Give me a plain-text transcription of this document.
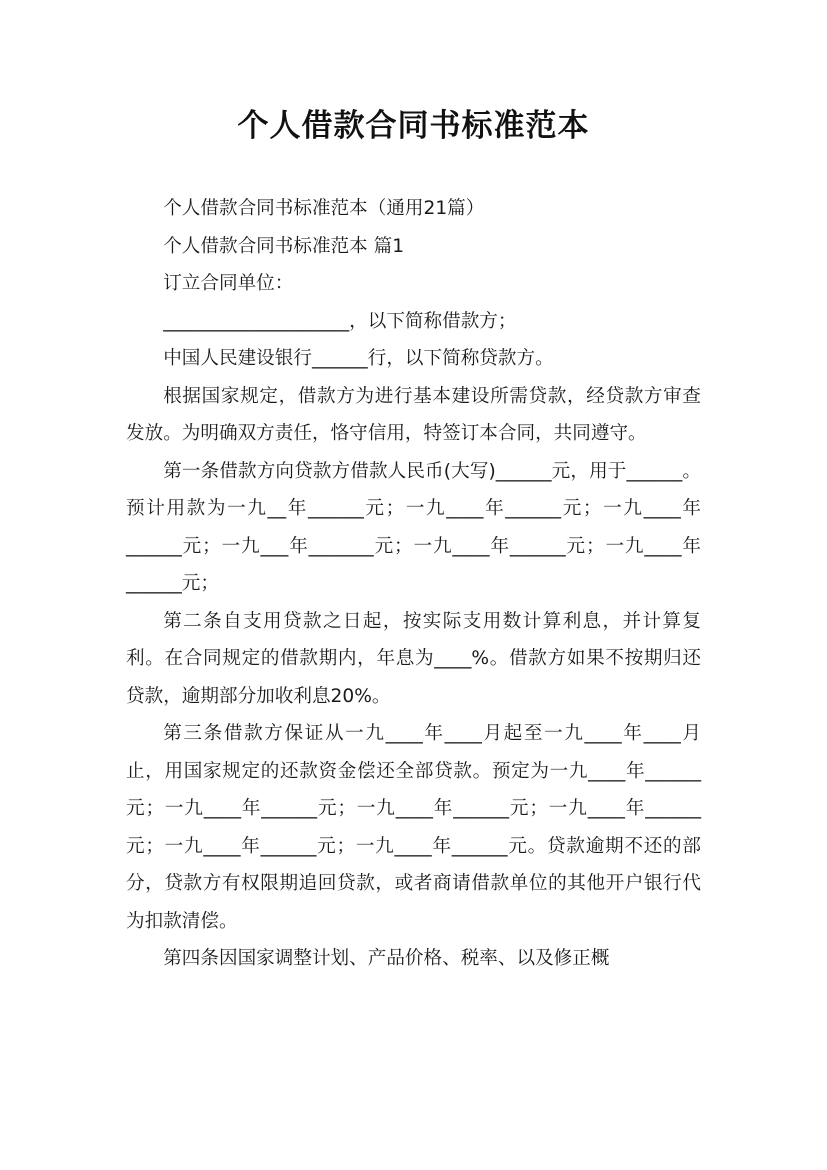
个人借款合同书标准范本

个人借款合同书标准范本（通用21篇）

个人借款合同书标准范本 篇1

订立合同单位：

____________________，以下简称借款方；

中国人民建设银行______行，以下简称贷款方。

根据国家规定，借款方为进行基本建设所需贷款，经贷款方审查发放。为明确双方责任，恪守信用，特签订本合同，共同遵守。

第一条借款方向贷款方借款人民币(大写)______元，用于______。预计用款为一九__年______元；一九____年______元；一九____年______元；一九___年_______元；一九____年______元；一九____年______元；

第二条自支用贷款之日起，按实际支用数计算利息，并计算复利。在合同规定的借款期内，年息为____%。借款方如果不按期归还贷款，逾期部分加收利息20%。

第三条借款方保证从一九____年____月起至一九____年____月止，用国家规定的还款资金偿还全部贷款。预定为一九____年______元；一九____年______元；一九____年______元；一九____年______元；一九____年______元；一九____年______元。贷款逾期不还的部分，贷款方有权限期追回贷款，或者商请借款单位的其他开户银行代为扣款清偿。

第四条因国家调整计划、产品价格、税率、以及修正概
